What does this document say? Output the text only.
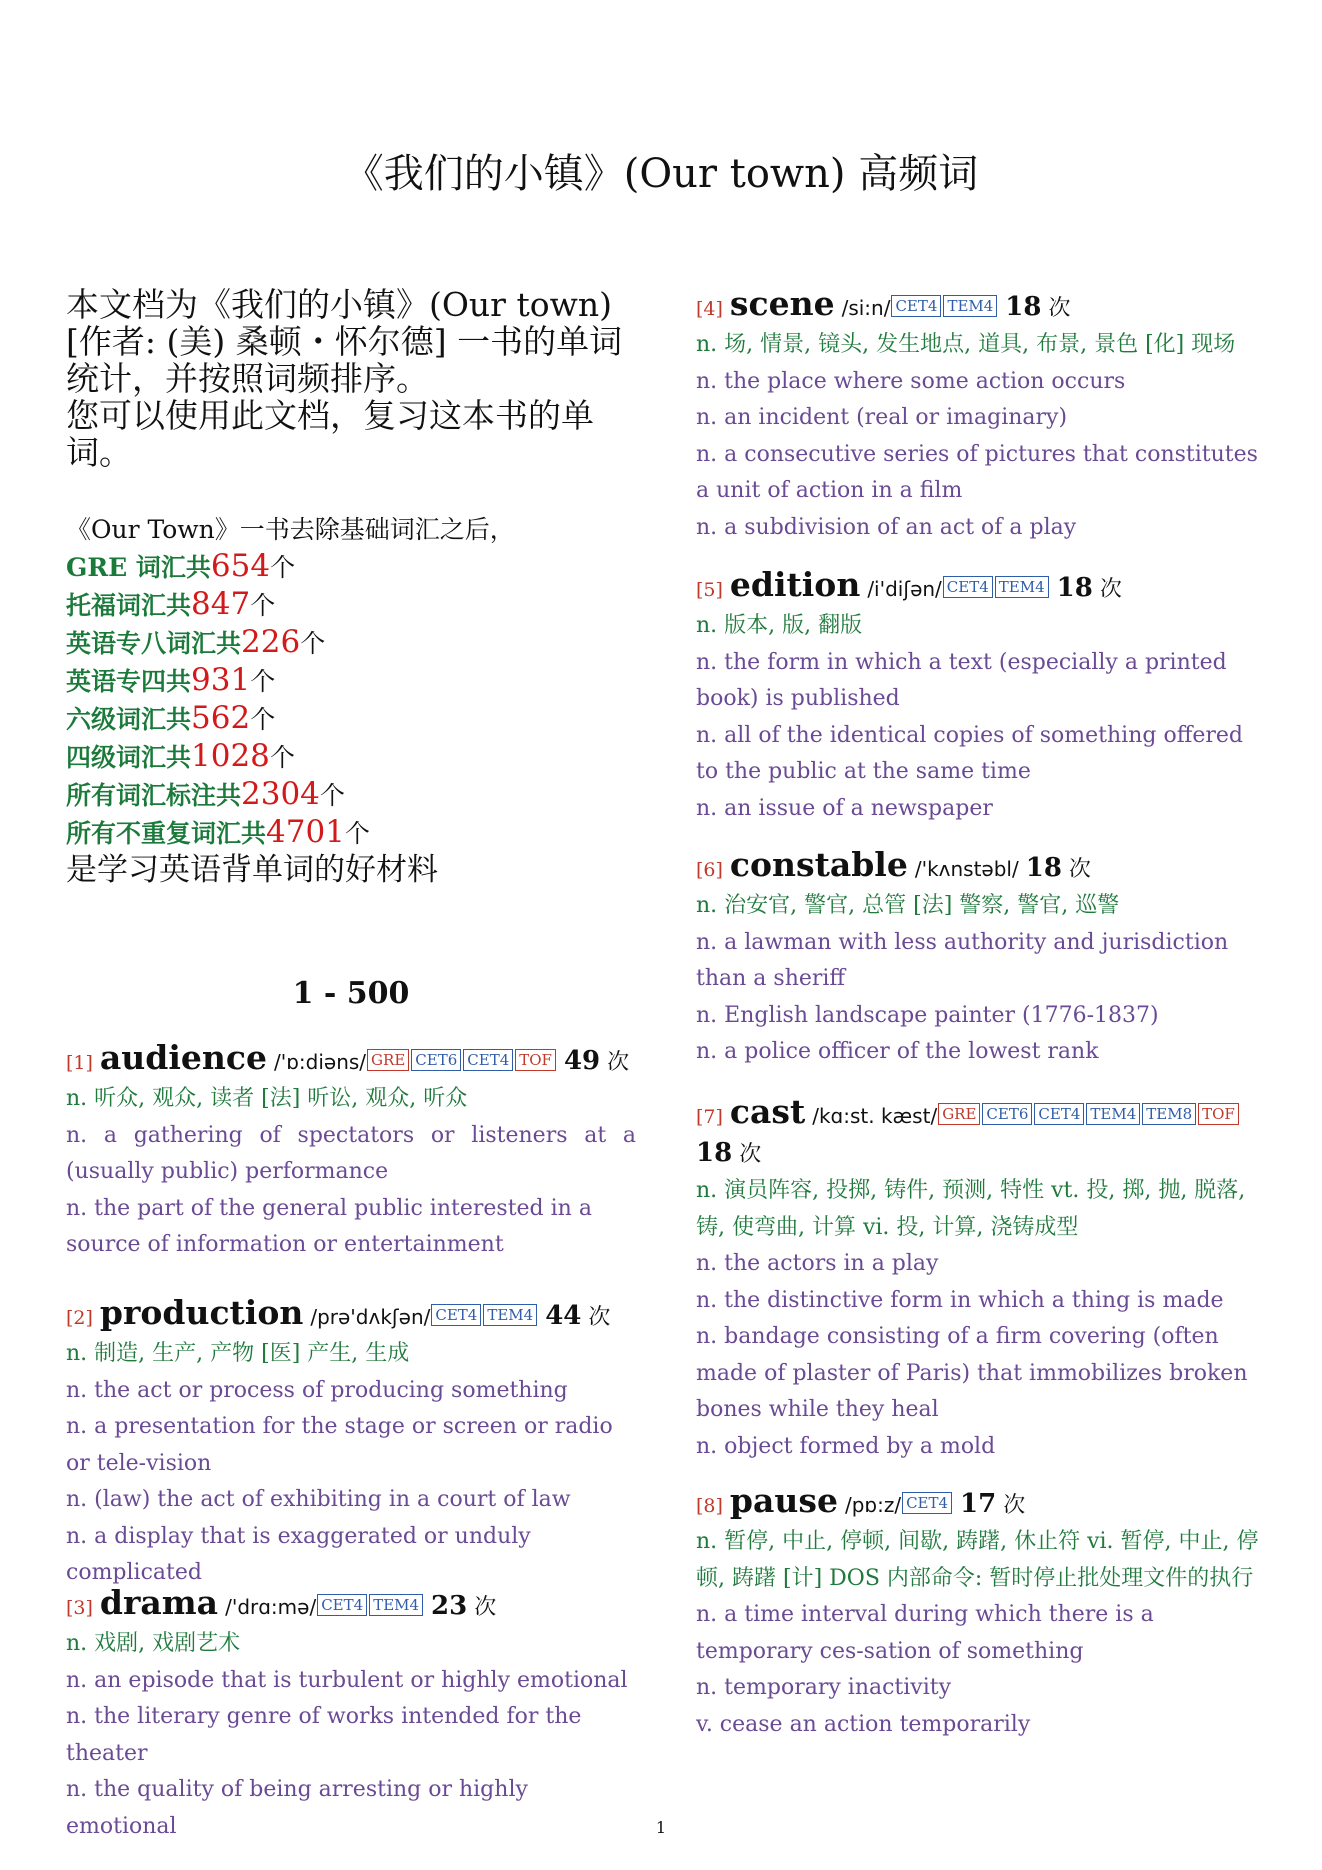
《我们的小镇》(Our town) 高频词
本文档为《我们的小镇》(Our town)[作者: (美) 桑顿・怀尔德] 一书的单词统计，并按照词频排序。
您可以使用此文档，复习这本书的单词。
《Our Town》一书去除基础词汇之后，
GRE 词汇共654个
托福词汇共847个
英语专八词汇共226个
英语专四共931个
六级词汇共562个
四级词汇共1028个
所有词汇标注共2304个
所有不重复词汇共4701个
是学习英语背单词的好材料
1 - 500
[1] audience /'ɒ:diəns/ GRE CET6 CET4 TOF 49 次
n. 听众, 观众, 读者 [法] 听讼, 观众, 听众
n. a gathering of spectators or listeners at a (usually public) performance
n. the part of the general public interested in a source of information or entertainment
[2] production /prə'dʌkʃən/ CET4 TEM4 44 次
n. 制造, 生产, 产物 [医] 产生, 生成
n. the act or process of producing something
n. a presentation for the stage or screen or radio or tele-vision
n. (law) the act of exhibiting in a court of law
n. a display that is exaggerated or unduly complicated
[3] drama /'drɑ:mə/ CET4 TEM4 23 次
n. 戏剧, 戏剧艺术
n. an episode that is turbulent or highly emotional
n. the literary genre of works intended for the theater
n. the quality of being arresting or highly emotional
[4] scene /si:n/ CET4 TEM4 18 次
n. 场, 情景, 镜头, 发生地点, 道具, 布景, 景色 [化] 现场
n. the place where some action occurs
n. an incident (real or imaginary)
n. a consecutive series of pictures that constitutes a unit of action in a film
n. a subdivision of an act of a play
[5] edition /i'diʃən/ CET4 TEM4 18 次
n. 版本, 版, 翻版
n. the form in which a text (especially a printed book) is published
n. all of the identical copies of something offered to the public at the same time
n. an issue of a newspaper
[6] constable /'kʌnstəbl/ 18 次
n. 治安官, 警官, 总管 [法] 警察, 警官, 巡警
n. a lawman with less authority and jurisdiction than a sheriff
n. English landscape painter (1776-1837)
n. a police officer of the lowest rank
[7] cast /kɑ:st. kæst/ GRE CET6 CET4 TEM4 TEM8 TOF
18 次
n. 演员阵容, 投掷, 铸件, 预测, 特性 vt. 投, 掷, 抛, 脱落, 铸, 使弯曲, 计算 vi. 投, 计算, 浇铸成型
n. the actors in a play
n. the distinctive form in which a thing is made
n. bandage consisting of a firm covering (often made of plaster of Paris) that immobilizes broken bones while they heal
n. object formed by a mold
[8] pause /pɒ:z/ CET4 17 次
n. 暂停, 中止, 停顿, 间歇, 踌躇, 休止符 vi. 暂停, 中止, 停顿, 踌躇 [计] DOS 内部命令: 暂时停止批处理文件的执行
n. a time interval during which there is a temporary ces-sation of something
n. temporary inactivity
v. cease an action temporarily
1
